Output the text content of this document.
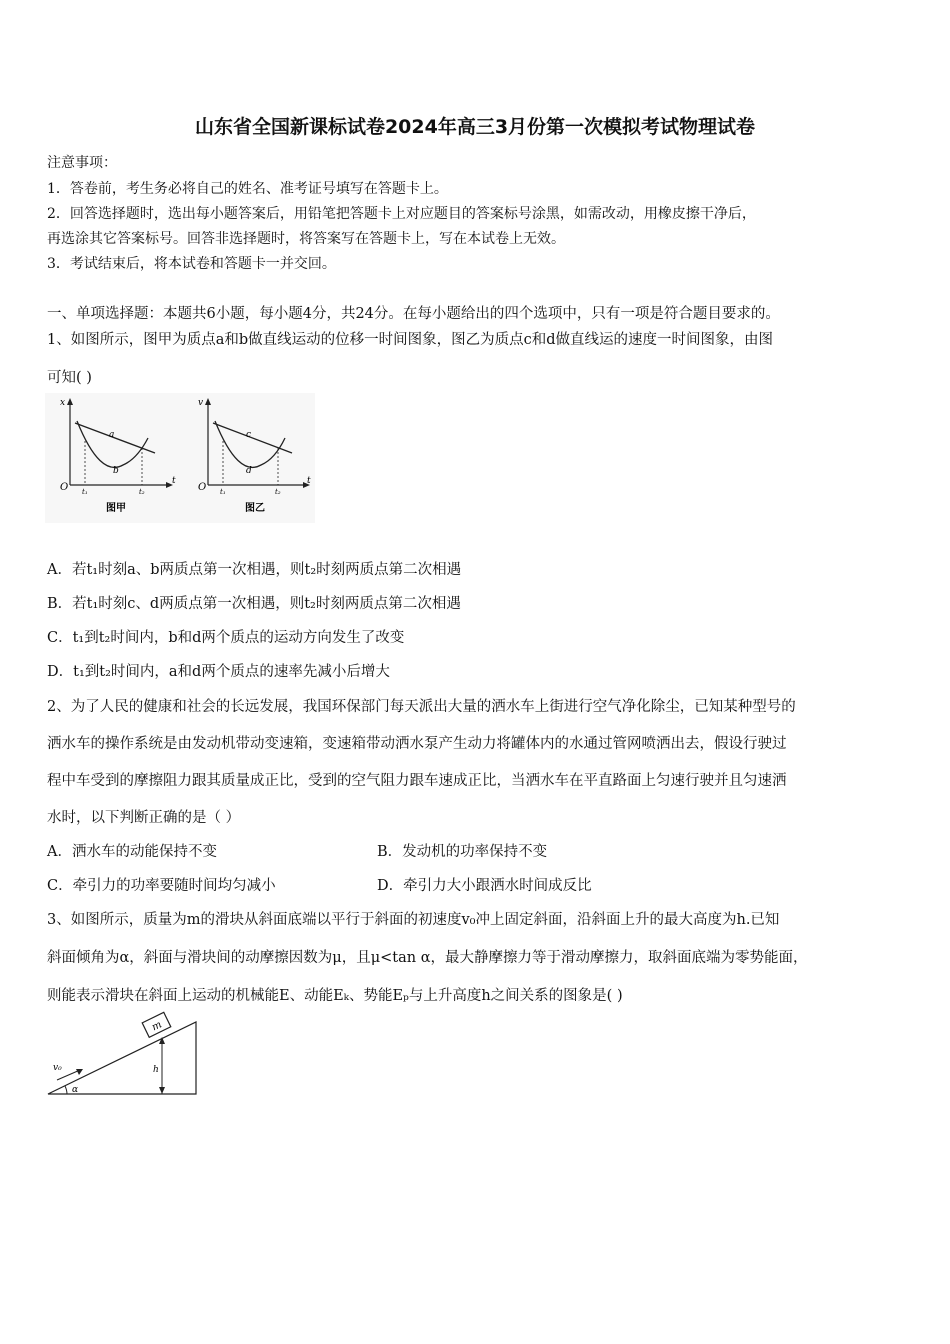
山东省全国新课标试卷2024年高三3月份第一次模拟考试物理试卷
注意事项：
1．答卷前，考生务必将自己的姓名、准考证号填写在答题卡上。
2．回答选择题时，选出每小题答案后，用铅笔把答题卡上对应题目的答案标号涂黑，如需改动，用橡皮擦干净后，
再选涂其它答案标号。回答非选择题时，将答案写在答题卡上，写在本试卷上无效。
3．考试结束后，将本试卷和答题卡一并交回。
一、单项选择题：本题共6小题，每小题4分，共24分。在每小题给出的四个选项中，只有一项是符合题目要求的。
1、如图所示，图甲为质点a和b做直线运动的位移一时间图象，图乙为质点c和d做直线运的速度一时间图象，由图
可知( )
x
t
O
a
b
t₁	t₂
图甲
v
t
O
c
d
t₁	t₂
图乙
A．若t₁时刻a、b两质点第一次相遇，则t₂时刻两质点第二次相遇
B．若t₁时刻c、d两质点第一次相遇，则t₂时刻两质点第二次相遇
C．t₁到t₂时间内，b和d两个质点的运动方向发生了改变
D．t₁到t₂时间内，a和d两个质点的速率先减小后增大
2、为了人民的健康和社会的长远发展，我国环保部门每天派出大量的洒水车上街进行空气净化除尘，已知某种型号的
洒水车的操作系统是由发动机带动变速箱，变速箱带动洒水泵产生动力将罐体内的水通过管网喷洒出去，假设行驶过
程中车受到的摩擦阻力跟其质量成正比，受到的空气阻力跟车速成正比，当洒水车在平直路面上匀速行驶并且匀速洒
水时，以下判断正确的是（ ）
A．洒水车的动能保持不变	B．发动机的功率保持不变
C．牵引力的功率要随时间均匀减小	D．牵引力大小跟洒水时间成反比
3、如图所示，质量为m的滑块从斜面底端以平行于斜面的初速度v₀冲上固定斜面，沿斜面上升的最大高度为h.已知
斜面倾角为α，斜面与滑块间的动摩擦因数为μ，且μ<tan α，最大静摩擦力等于滑动摩擦力，取斜面底端为零势能面，
则能表示滑块在斜面上运动的机械能E、动能Eₖ、势能Eₚ与上升高度h之间关系的图象是( )
m
h
v₀
α
